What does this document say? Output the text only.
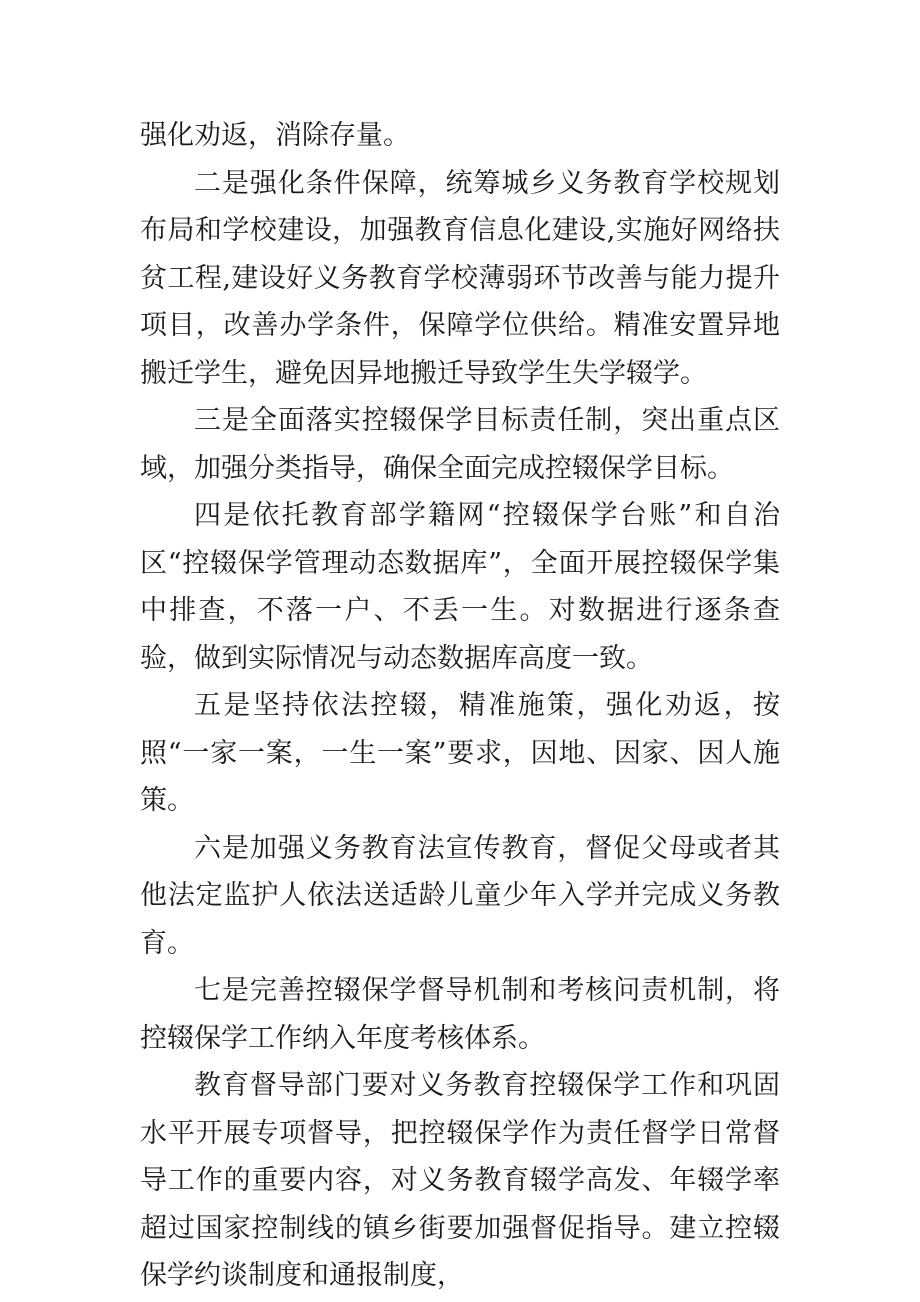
强化劝返，消除存量。

二是强化条件保障，统筹城乡义务教育学校规划布局和学校建设，加强教育信息化建设,实施好网络扶贫工程,建设好义务教育学校薄弱环节改善与能力提升项目，改善办学条件，保障学位供给。精准安置异地搬迁学生，避免因异地搬迁导致学生失学辍学。

三是全面落实控辍保学目标责任制，突出重点区域，加强分类指导，确保全面完成控辍保学目标。

四是依托教育部学籍网“控辍保学台账”和自治区“控辍保学管理动态数据库”，全面开展控辍保学集中排查，不落一户、不丢一生。对数据进行逐条查验，做到实际情况与动态数据库高度一致。

五是坚持依法控辍，精准施策，强化劝返，按照“一家一案，一生一案”要求，因地、因家、因人施策。

六是加强义务教育法宣传教育，督促父母或者其他法定监护人依法送适龄儿童少年入学并完成义务教育。

七是完善控辍保学督导机制和考核问责机制，将控辍保学工作纳入年度考核体系。

教育督导部门要对义务教育控辍保学工作和巩固水平开展专项督导，把控辍保学作为责任督学日常督导工作的重要内容，对义务教育辍学高发、年辍学率超过国家控制线的镇乡街要加强督促指导。建立控辍保学约谈制度和通报制度，
